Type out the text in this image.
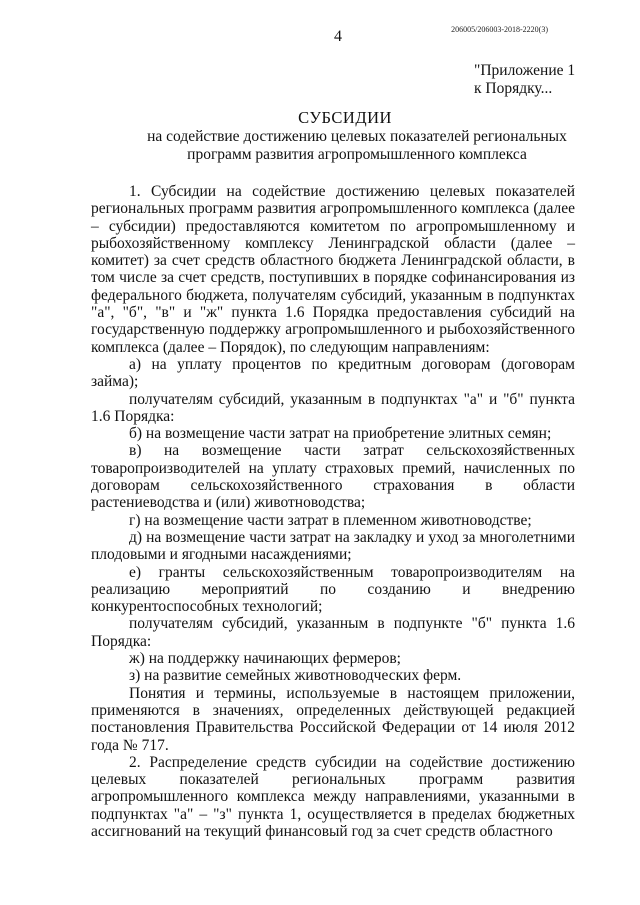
4	206005/206003-2018-2220(3)
"Приложение 1
к Порядку...
СУБСИДИИ
на содействие достижению целевых показателей региональных
программ развития агропромышленного комплекса

1. Субсидии на содействие достижению целевых показателей региональных программ развития агропромышленного комплекса (далее – субсидии) предоставляются комитетом по агропромышленному и рыбохозяйственному комплексу Ленинградской области (далее – комитет) за счет средств областного бюджета Ленинградской области, в том числе за счет средств, поступивших в порядке софинансирования из федерального бюджета, получателям субсидий, указанным в подпунктах "а", "б", "в" и "ж" пункта 1.6 Порядка предоставления субсидий на государственную поддержку агропромышленного и рыбохозяйственного комплекса (далее – Порядок), по следующим направлениям:

а) на уплату процентов по кредитным договорам (договорам займа);

получателям субсидий, указанным в подпунктах "а" и "б" пункта 1.6 Порядка:

б) на возмещение части затрат на приобретение элитных семян;

в) на возмещение части затрат сельскохозяйственных товаропроизводителей на уплату страховых премий, начисленных по договорам сельскохозяйственного страхования в области растениеводства и (или) животноводства;

г) на возмещение части затрат в племенном животноводстве;

д) на возмещение части затрат на закладку и уход за многолетними плодовыми и ягодными насаждениями;

е) гранты сельскохозяйственным товаропроизводителям на реализацию мероприятий по созданию и внедрению конкурентоспособных технологий;

получателям субсидий, указанным в подпункте "б" пункта 1.6 Порядка:

ж) на поддержку начинающих фермеров;

з) на развитие семейных животноводческих ферм.

Понятия и термины, используемые в настоящем приложении, применяются в значениях, определенных действующей редакцией постановления Правительства Российской Федерации от 14 июля 2012 года № 717.

2. Распределение средств субсидии на содействие достижению целевых показателей региональных программ развития агропромышленного комплекса между направлениями, указанными в подпунктах "а" – "з" пункта 1, осуществляется в пределах бюджетных ассигнований на текущий финансовый год за счет средств областного
